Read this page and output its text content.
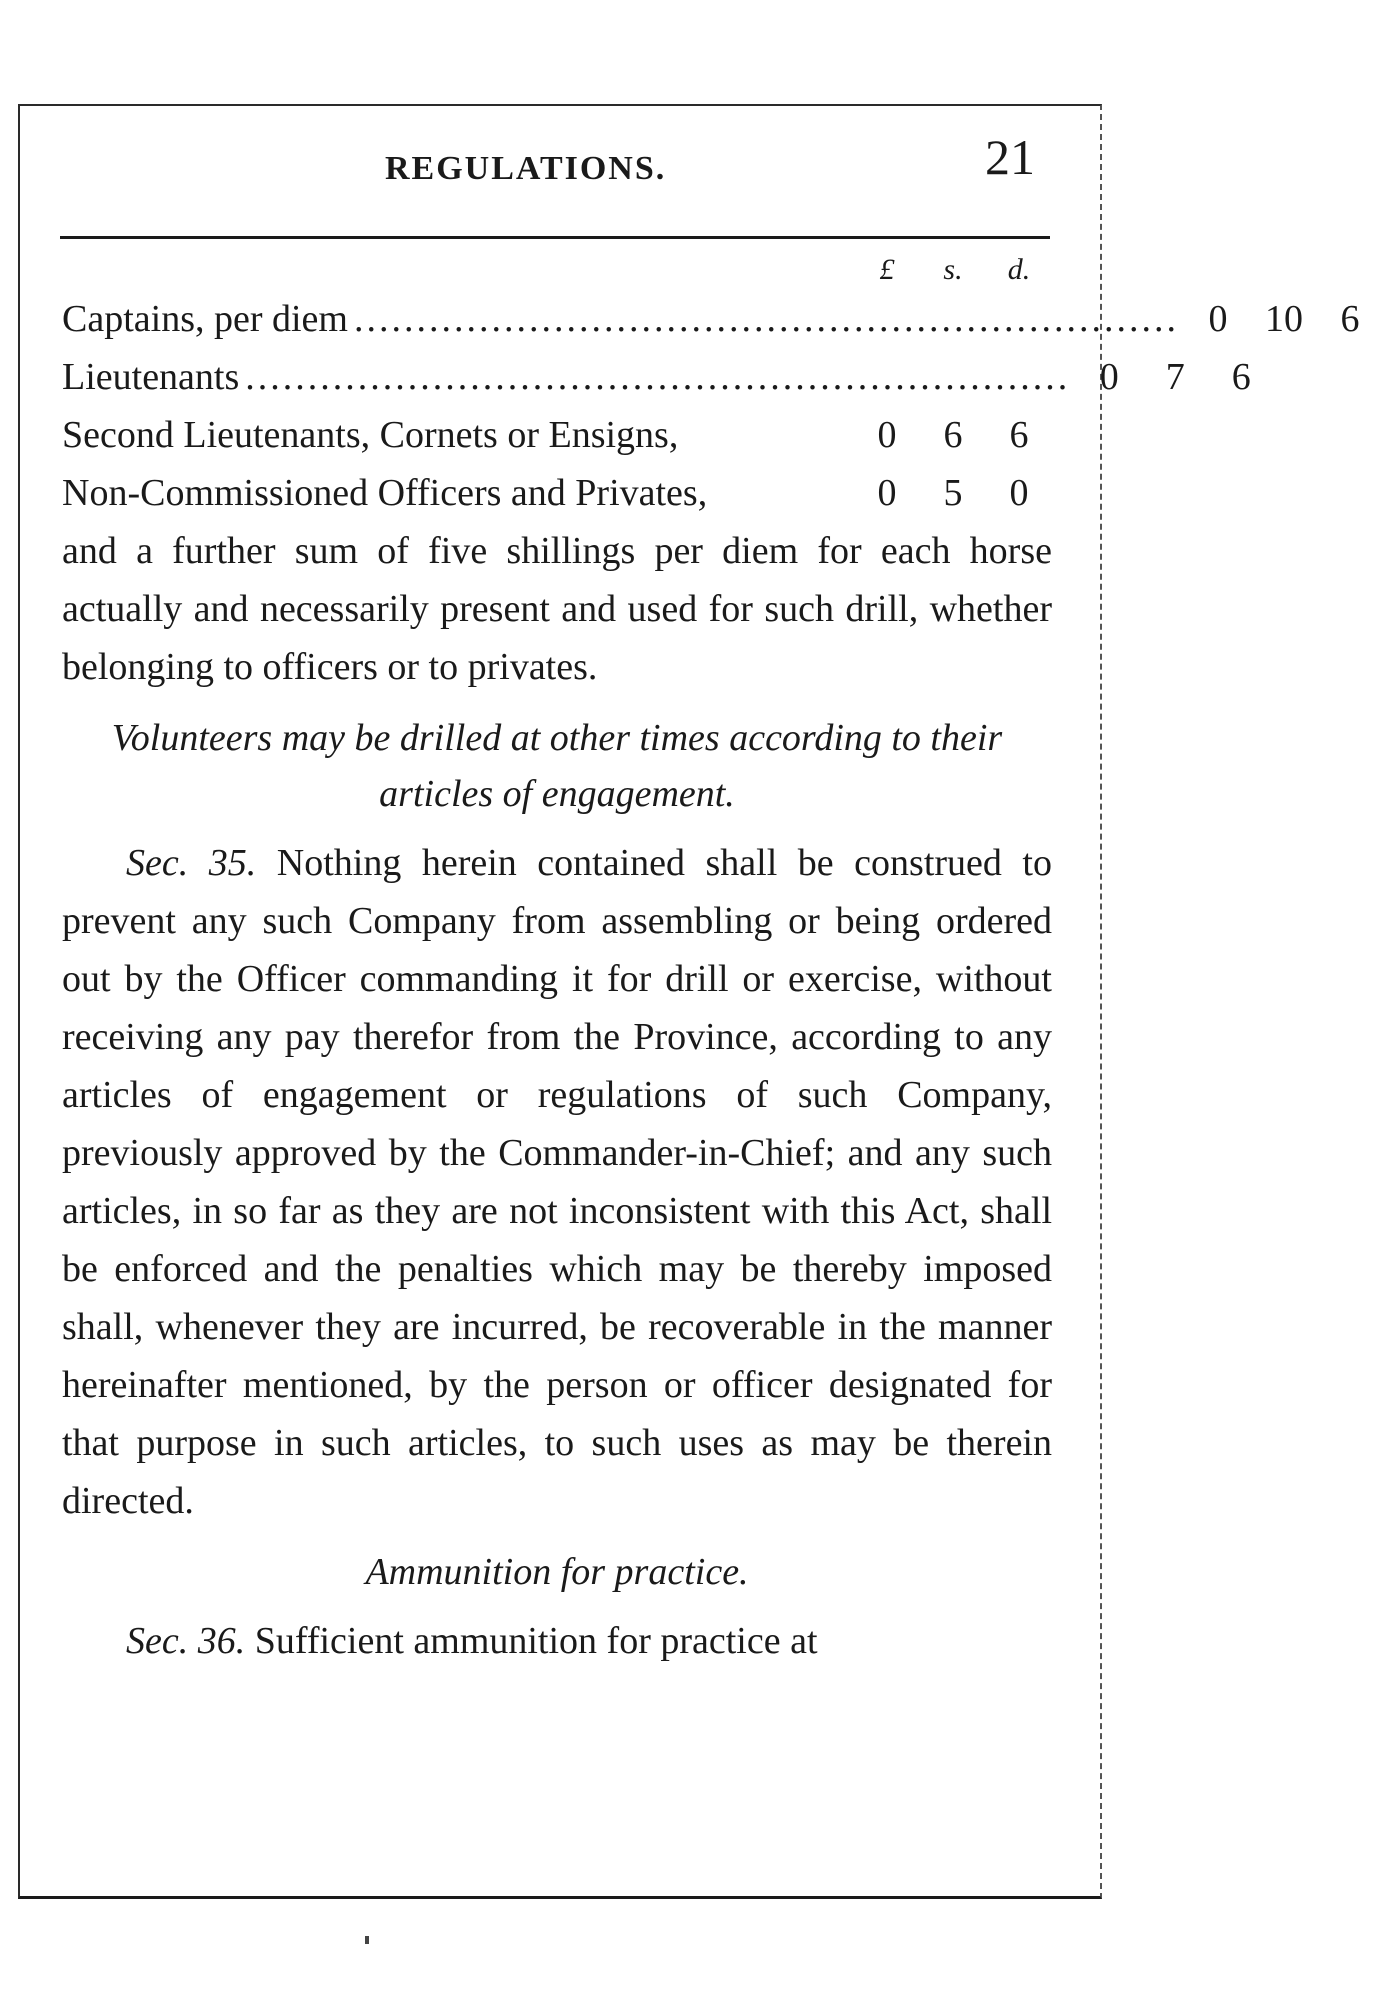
REGULATIONS.	21
£	s.	d.
Captains, per diem .................................................................. 0 10 6
Lieutenants .................................................................. 0	7	6
Second Lieutenants, Cornets or Ensigns,	0	6	6
Non-Commissioned Officers and Privates,	0	5	0

and a further sum of five shillings per diem for each horse actually and necessarily present and used for such drill, whether belonging to officers or to privates.

Volunteers may be drilled at other times according to their articles of engagement.

Sec. 35. Nothing herein contained shall be construed to prevent any such Company from assembling or being ordered out by the Officer commanding it for drill or exercise, without receiving any pay therefor from the Province, according to any articles of engagement or regulations of such Company, previously approved by the Commander-in-Chief; and any such articles, in so far as they are not inconsistent with this Act, shall be enforced and the penalties which may be thereby imposed shall, whenever they are incurred, be recoverable in the manner hereinafter mentioned, by the person or officer designated for that purpose in such articles, to such uses as may be therein directed.

Ammunition for practice.

Sec. 36. Sufficient ammunition for practice at
